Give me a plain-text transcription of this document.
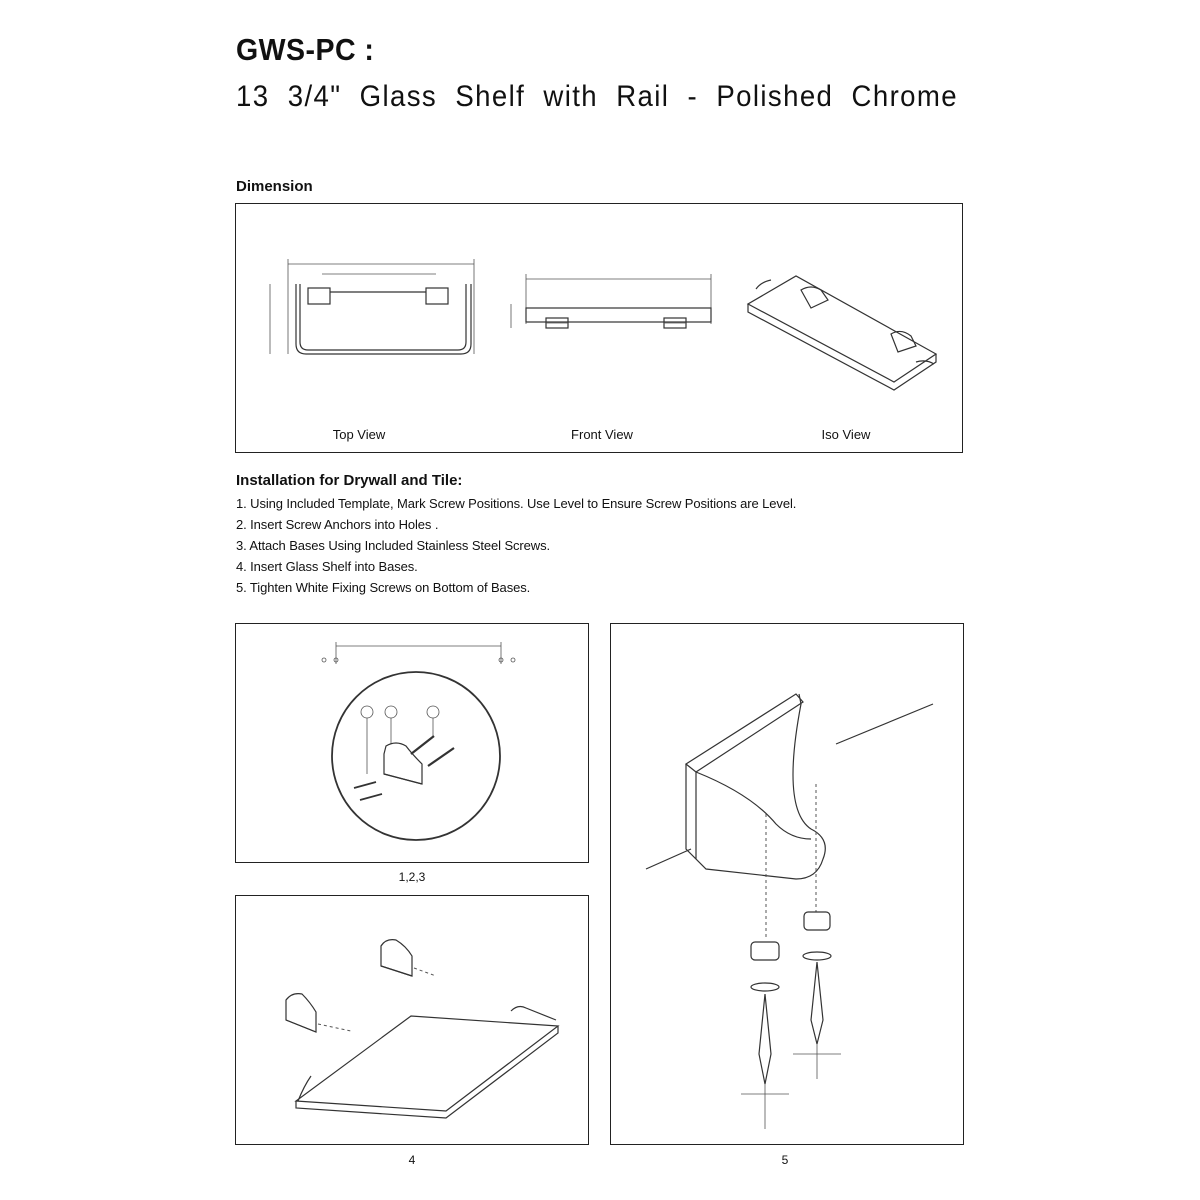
GWS-PC :
13 3/4" Glass Shelf with Rail - Polished Chrome
Dimension
Top View	Front View	Iso View
Installation for Drywall and Tile:
1. Using Included Template, Mark Screw Positions. Use Level to Ensure Screw Positions are Level.
2. Insert Screw Anchors into Holes .
3. Attach Bases Using Included Stainless Steel Screws.
4. Insert Glass Shelf into Bases.
5. Tighten White Fixing Screws on Bottom of Bases.
1,2,3
4	5
